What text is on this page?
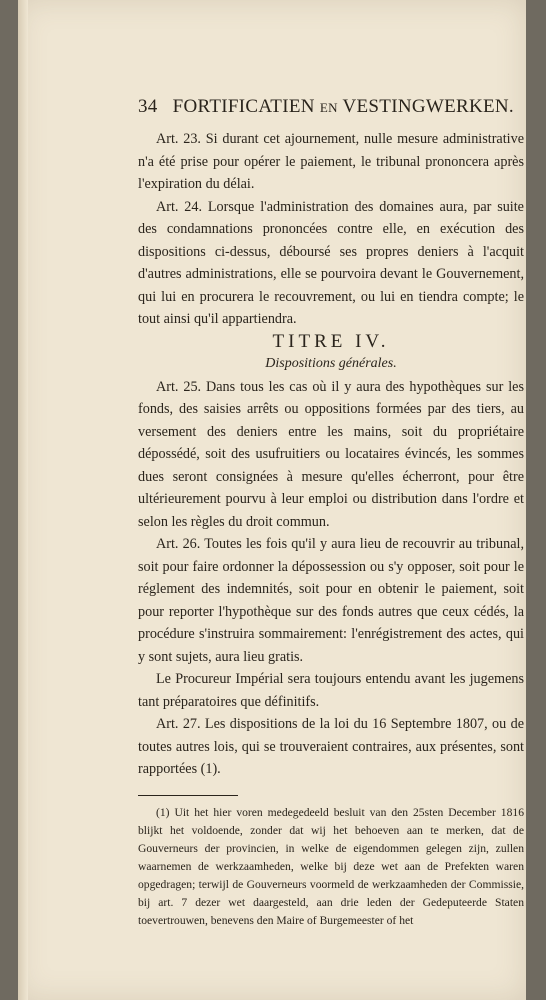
34 FORTIFICATIEN EN VESTINGWERKEN.

Art. 23. Si durant cet ajournement, nulle mesure administrative n'a été prise pour opérer le paiement, le tribunal prononcera après l'expiration du délai.

Art. 24. Lorsque l'administration des domaines aura, par suite des condamnations prononcées contre elle, en exécution des dispositions ci-dessus, déboursé ses propres deniers à l'acquit d'autres administrations, elle se pourvoira devant le Gouvernement, qui lui en procurera le recouvrement, ou lui en tiendra compte; le tout ainsi qu'il appartiendra.

TITRE IV.

Dispositions générales.

Art. 25. Dans tous les cas où il y aura des hypothèques sur les fonds, des saisies arrêts ou oppositions formées par des tiers, au versement des deniers entre les mains, soit du propriétaire dépossédé, soit des usufruitiers ou locataires évincés, les sommes dues seront consignées à mesure qu'elles écherront, pour être ultérieurement pourvu à leur emploi ou distribution dans l'ordre et selon les règles du droit commun.

Art. 26. Toutes les fois qu'il y aura lieu de recouvrir au tribunal, soit pour faire ordonner la dépossession ou s'y opposer, soit pour le réglement des indemnités, soit pour en obtenir le paiement, soit pour reporter l'hypothèque sur des fonds autres que ceux cédés, la procédure s'instruira sommairement: l'enrégistrement des actes, qui y sont sujets, aura lieu gratis.

Le Procureur Impérial sera toujours entendu avant les jugemens tant préparatoires que définitifs.

Art. 27. Les dispositions de la loi du 16 Septembre 1807, ou de toutes autres lois, qui se trouveraient contraires, aux présentes, sont rapportées (1).

(1) Uit het hier voren medegedeeld besluit van den 25sten December 1816 blijkt het voldoende, zonder dat wij het behoeven aan te merken, dat de Gouverneurs der provincien, in welke de eigendommen gelegen zijn, zullen waarnemen de werkzaamheden, welke bij deze wet aan de Prefekten waren opgedragen; terwijl de Gouverneurs voormeld de werkzaamheden der Commissie, bij art. 7 dezer wet daargesteld, aan drie leden der Gedeputeerde Staten toevertrouwen, benevens den Maire of Burgemeester of het

ʻ
